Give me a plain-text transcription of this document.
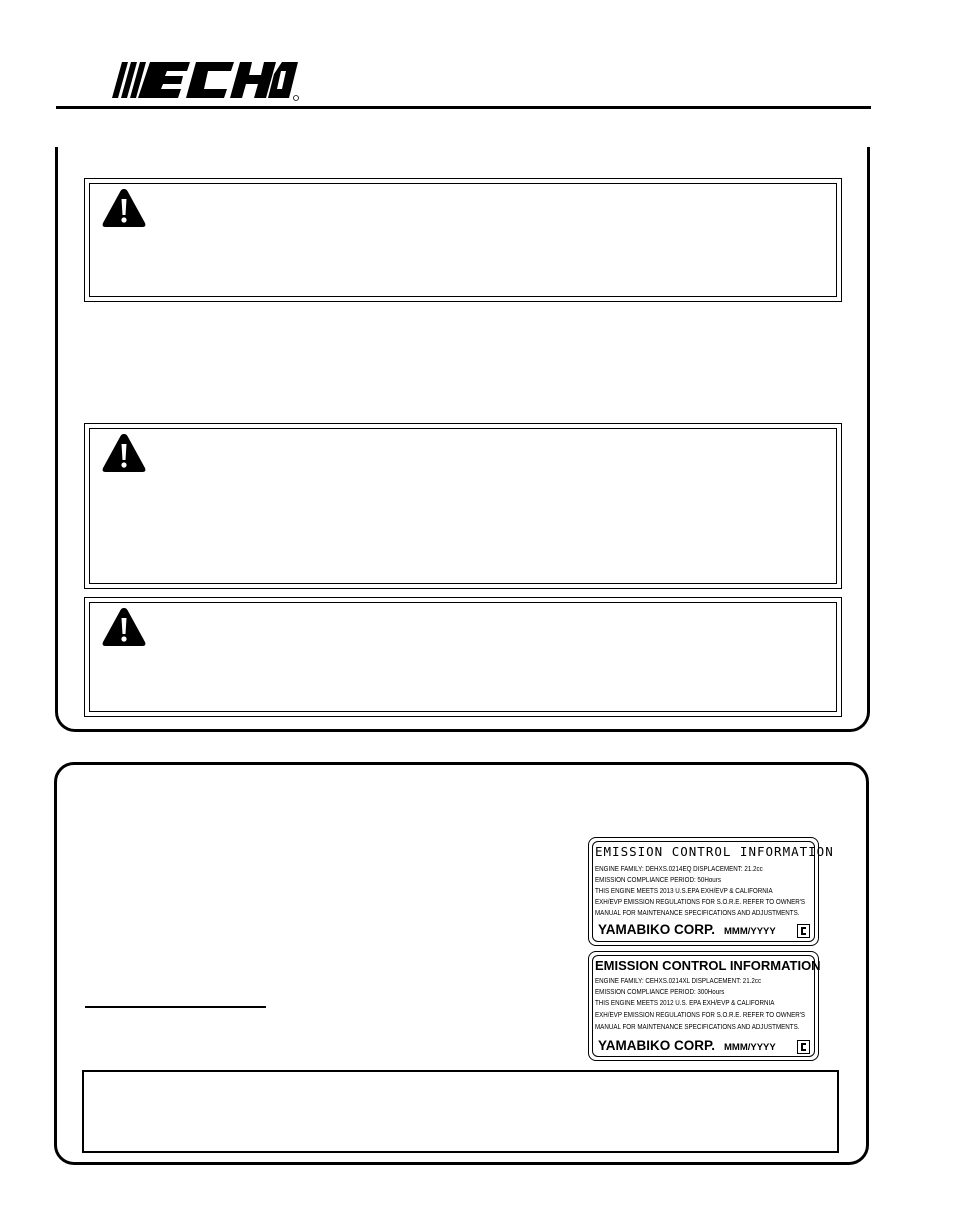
EMISSION CONTROL INFORMATION
ENGINE FAMILY: DEHXS.0214EQ DISPLACEMENT: 21.2cc
EMISSION COMPLIANCE PERIOD: 50Hours
THIS ENGINE MEETS 2013 U.S.EPA EXH/EVP & CALIFORNIA
EXH/EVP EMISSION REGULATIONS FOR S.O.R.E. REFER TO OWNER'S
MANUAL FOR MAINTENANCE SPECIFICATIONS AND ADJUSTMENTS.
YAMABIKO CORP. MMM/YYYY
EMISSION CONTROL INFORMATION
ENGINE FAMILY: CEHXS.0214XL DISPLACEMENT: 21.2cc
EMISSION COMPLIANCE PERIOD: 300Hours
THIS ENGINE MEETS 2012 U.S. EPA EXH/EVP & CALIFORNIA
EXH/EVP EMISSION REGULATIONS FOR S.O.R.E. REFER TO OWNER'S
MANUAL FOR MAINTENANCE SPECIFICATIONS AND ADJUSTMENTS.
YAMABIKO CORP. MMM/YYYY
